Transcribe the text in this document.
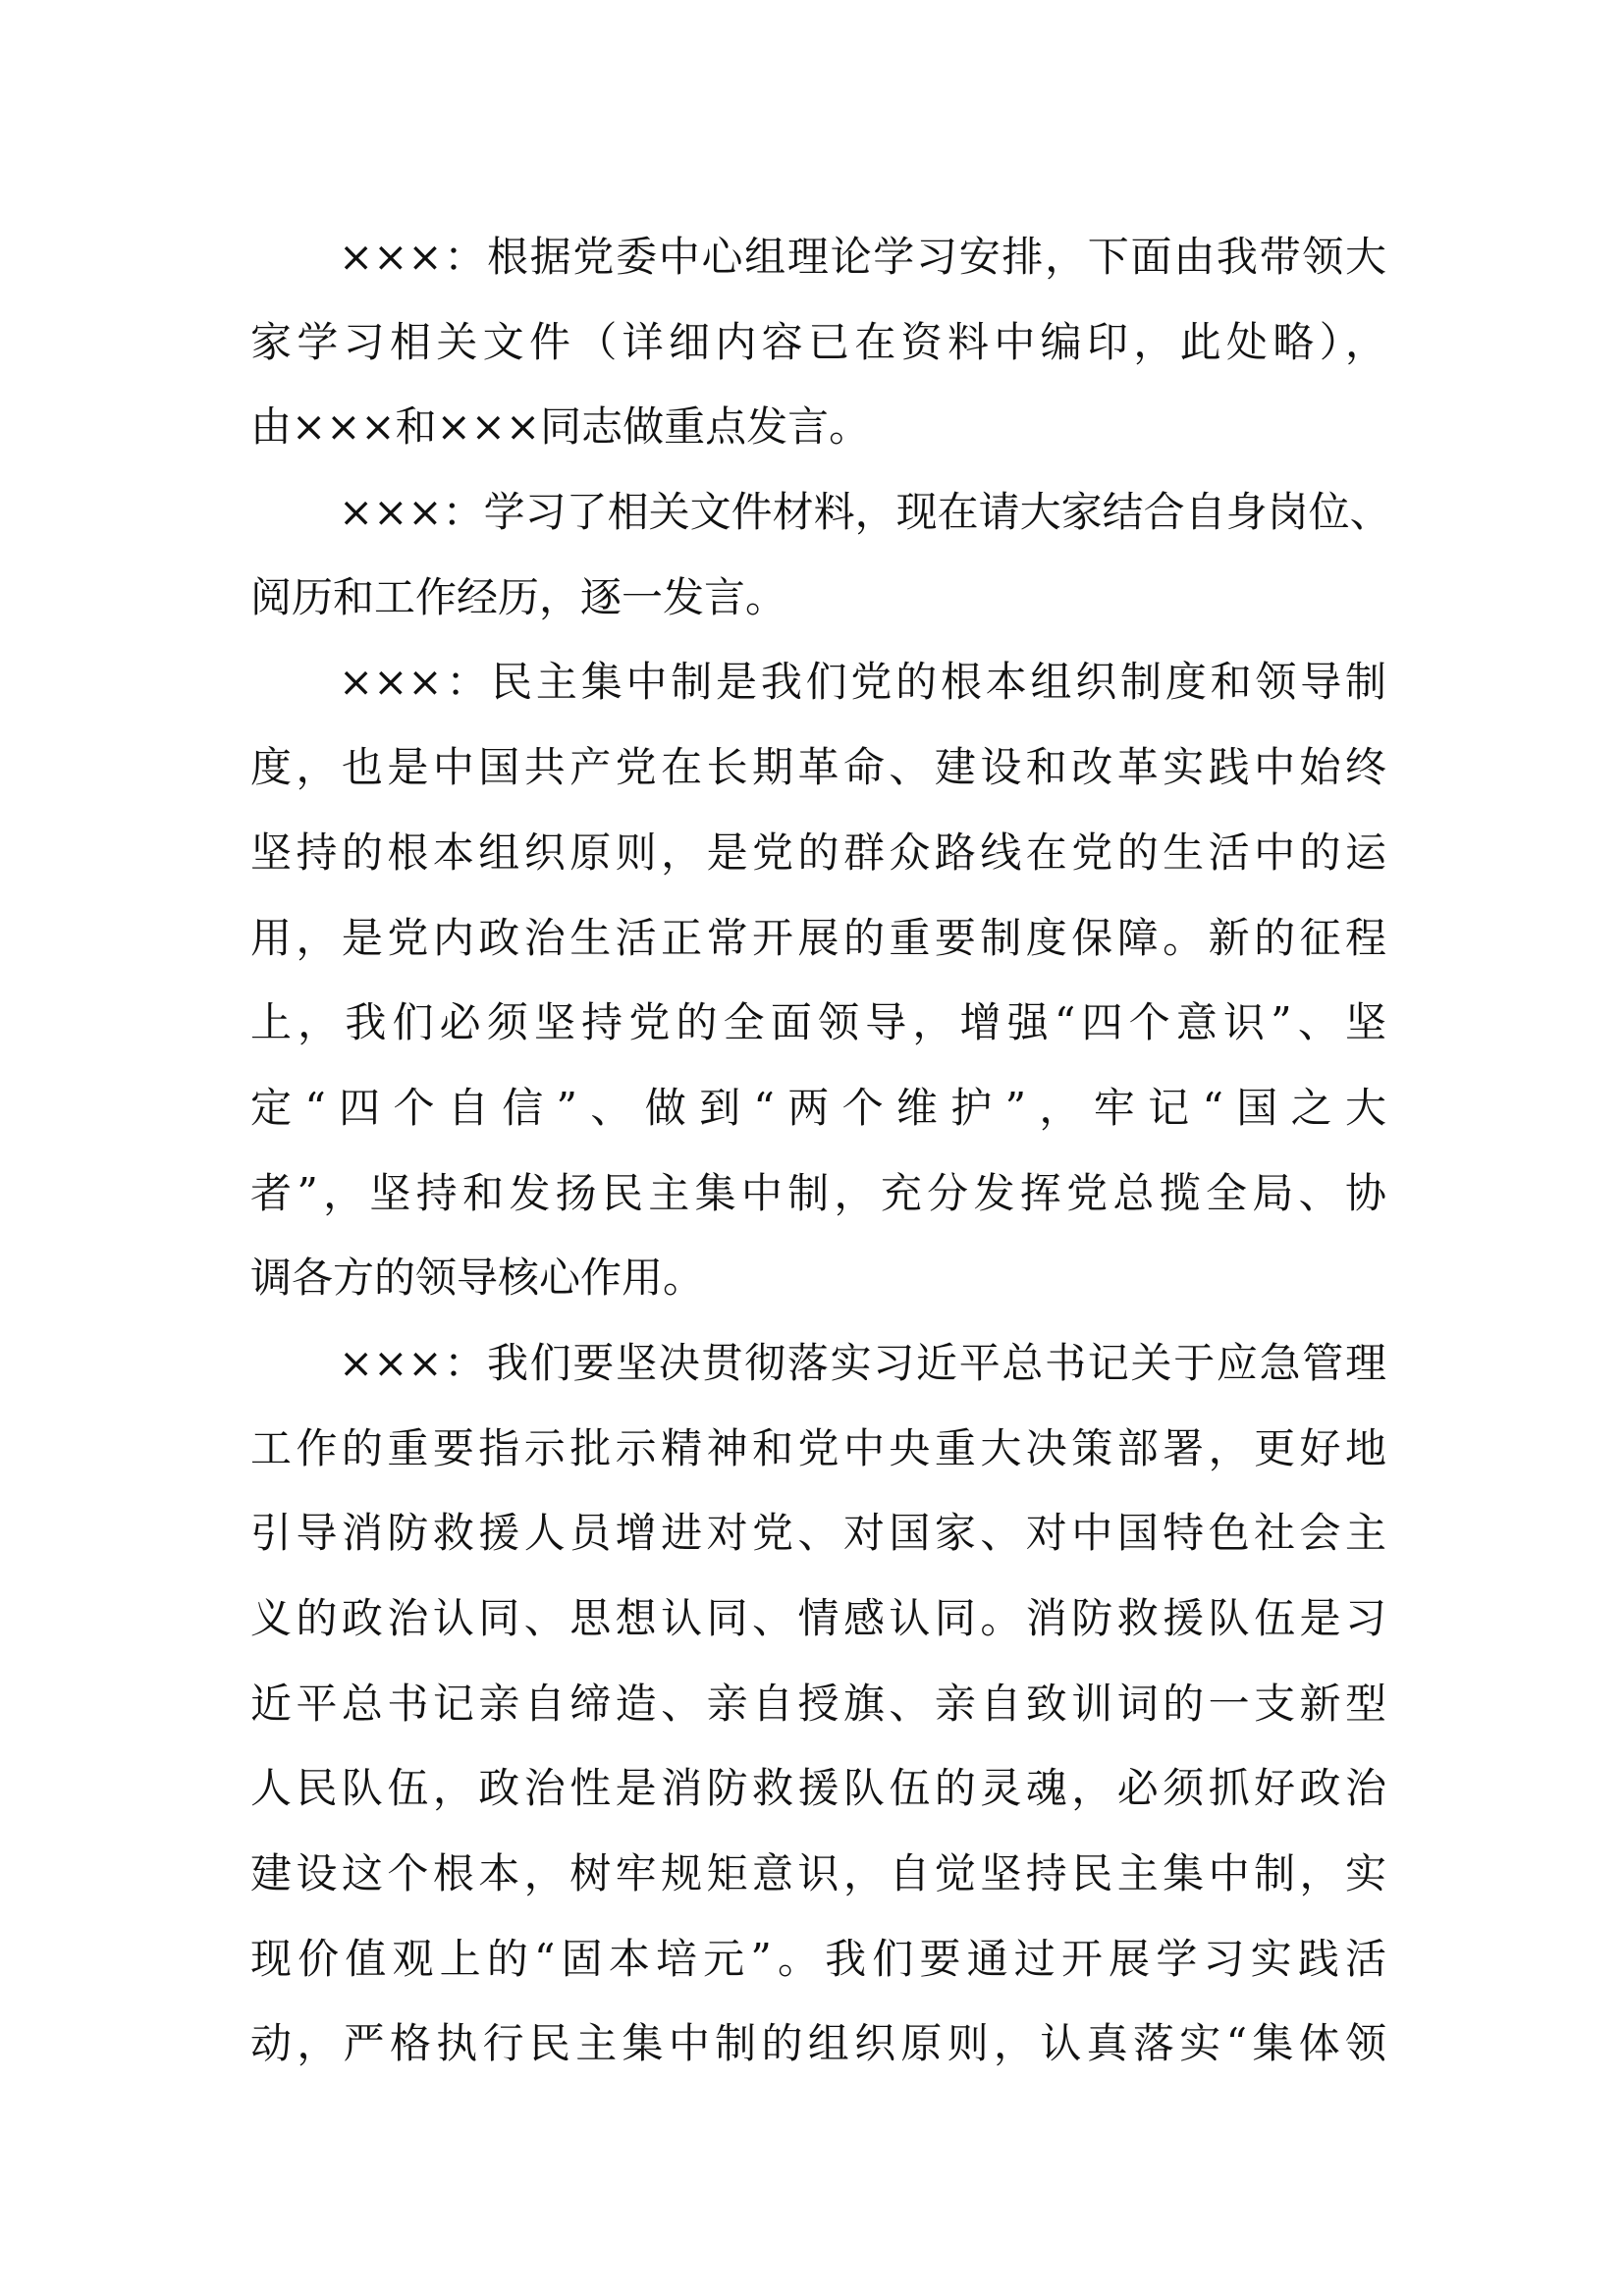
×××：根据党委中心组理论学习安排，下面由我带领大
家学习相关文件（详细内容已在资料中编印，此处略），
由×××和×××同志做重点发言。
×××：学习了相关文件材料，现在请大家结合自身岗位、
阅历和工作经历，逐一发言。
×××：民主集中制是我们党的根本组织制度和领导制
度，也是中国共产党在长期革命、建设和改革实践中始终
坚持的根本组织原则，是党的群众路线在党的生活中的运
用，是党内政治生活正常开展的重要制度保障。新的征程
上，我们必须坚持党的全面领导，增强“四个意识”、坚
定“四个自信”、做到“两个维护”，牢记“国之大
者”，坚持和发扬民主集中制，充分发挥党总揽全局、协
调各方的领导核心作用。
×××：我们要坚决贯彻落实习近平总书记关于应急管理
工作的重要指示批示精神和党中央重大决策部署，更好地
引导消防救援人员增进对党、对国家、对中国特色社会主
义的政治认同、思想认同、情感认同。消防救援队伍是习
近平总书记亲自缔造、亲自授旗、亲自致训词的一支新型
人民队伍，政治性是消防救援队伍的灵魂，必须抓好政治
建设这个根本，树牢规矩意识，自觉坚持民主集中制，实
现价值观上的“固本培元”。我们要通过开展学习实践活
动，严格执行民主集中制的组织原则，认真落实“集体领
